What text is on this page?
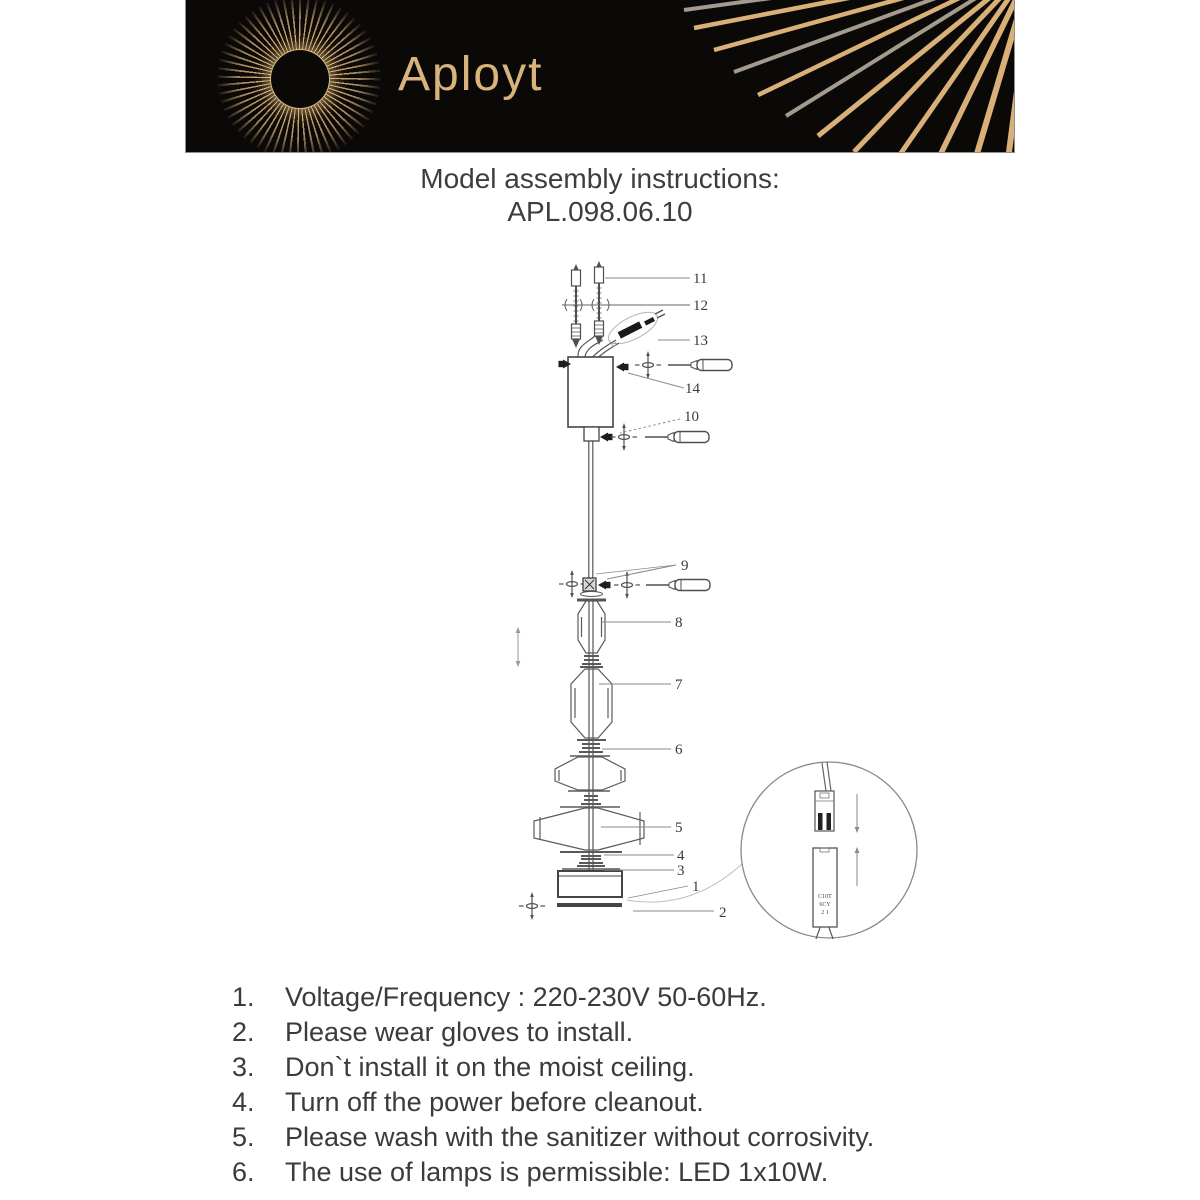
Aployt
Model assembly instructions:
APL.098.06.10
11
12
13
14
10
9
8
7
6
5
4
3
1
2
C10T
6CY
2 1
1.	Voltage/Frequency : 220-230V 50-60Hz.
2.	Please wear gloves to install.
3.	Don`t install it on the moist ceiling.
4.	Turn off the power before cleanout.
5.	Please wash with the sanitizer without corrosivity.
6.	The use of lamps is permissible: LED 1x10W.
